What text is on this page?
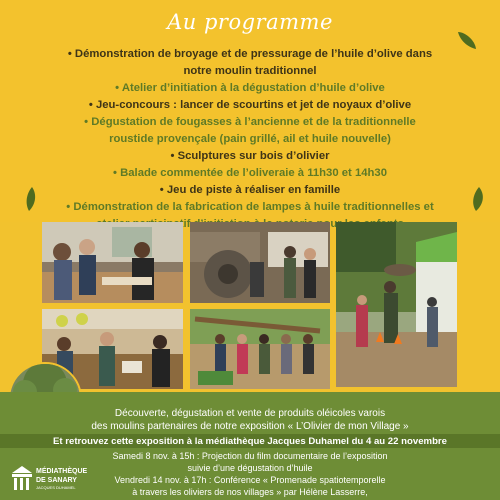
Au programme
• Démonstration de broyage et de pressurage de l’huile d’olive dans
notre moulin traditionnel
• Atelier d’initiation à la dégustation d’huile d’olive
• Jeu-concours : lancer de scourtins et jet de noyaux d’olive
• Dégustation de fougasses à l’ancienne et de la traditionnelle
roustide provençale (pain grillé, ail et huile nouvelle)
• Sculptures sur bois d’olivier
• Balade commentée de l’oliveraie à 11h30 et 14h30
• Jeu de piste à réaliser en famille
• Démonstration de la fabrication de lampes à huile traditionnelles et
Découverte, dégustation et vente de produits oléicoles varois
des moulins partenaires de notre exposition « L’Olivier de mon Village »
Et retrouvez cette exposition à la médiathèque Jacques Duhamel du 4 au 22 novembre
Samedi 8 nov. à 15h : Projection du film documentaire de l’exposition
suivie d’une dégustation d’huile
Vendredi 14 nov. à 17h : Conférence « Promenade spatiotemporelle
à travers les oliviers de nos villages » par Hélène Lasserre,
MÉDIATHÈQUE
DE SANARY
JACQUES DUHAMEL
